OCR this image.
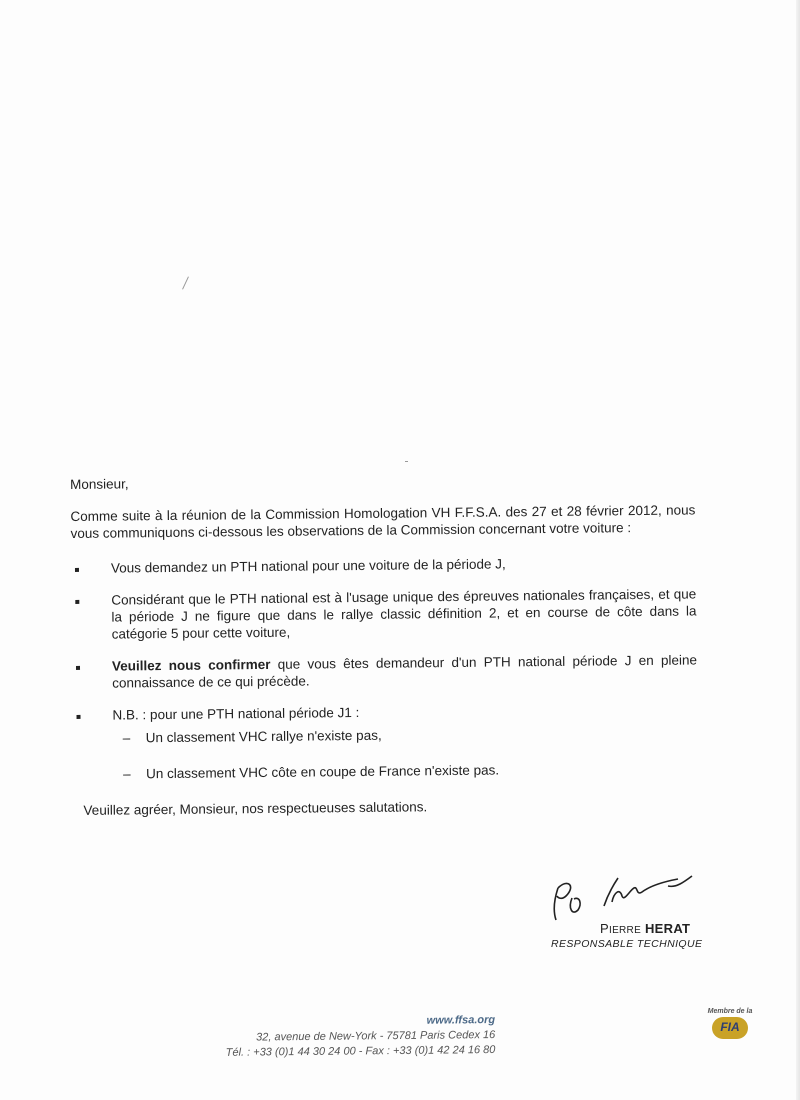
Monsieur,

Comme suite à la réunion de la Commission Homologation VH F.F.S.A. des 27 et 28 février 2012, nous vous communiquons ci-dessous les observations de la Commission concernant votre voiture :

Vous demandez un PTH national pour une voiture de la période J,
Considérant que le PTH national est à l'usage unique des épreuves nationales françaises, et que la période J ne figure que dans le rallye classic définition 2, et en course de côte dans la catégorie 5 pour cette voiture,
Veuillez nous confirmer que vous êtes demandeur d'un PTH national période J en pleine connaissance de ce qui précède.
N.B. : pour une PTH national période J1 :
– Un classement VHC rallye n'existe pas,
– Un classement VHC côte en coupe de France n'existe pas.

Veuillez agréer, Monsieur, nos respectueuses salutations.

PIERRE HERAT
RESPONSABLE TECHNIQUE
www.ffsa.org
32, avenue de New-York - 75781 Paris Cedex 16
Tél. : +33 (0)1 44 30 24 00 - Fax : +33 (0)1 42 24 16 80
Membre de la
FIA
